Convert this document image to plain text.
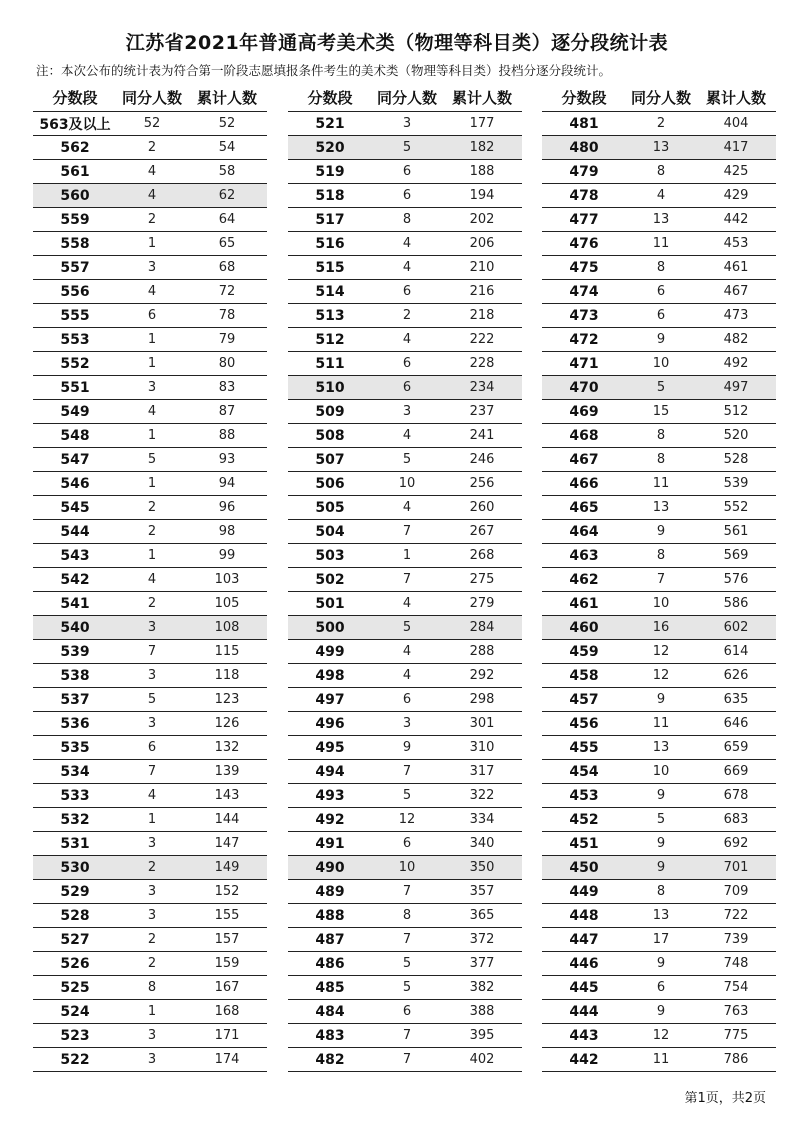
江苏省2021年普通高考美术类（物理等科目类）逐分段统计表
注：本次公布的统计表为符合第一阶段志愿填报条件考生的美术类（物理等科目类）投档分逐分段统计。
分数段	同分人数 累计人数
563及以上	52	52
562	2	54
561	4	58
560	4	62
559	2	64
558	1	65
557	3	68
556	4	72
555	6	78
553	1	79
552	1	80
551	3	83
549	4	87
548	1	88
547	5	93
546	1	94
545	2	96
544	2	98
543	1	99
542	4	103
541	2	105
540	3	108
539	7	115
538	3	118
537	5	123
536	3	126
535	6	132
534	7	139
533	4	143
532	1	144
531	3	147
530	2	149
529	3	152
528	3	155
527	2	157
526	2	159
525	8	167
524	1	168
523	3	171
522	3	174
分数段	同分人数 累计人数
521	3	177
520	5	182
519	6	188
518	6	194
517	8	202
516	4	206
515	4	210
514	6	216
513	2	218
512	4	222
511	6	228
510	6	234
509	3	237
508	4	241
507	5	246
506	10	256
505	4	260
504	7	267
503	1	268
502	7	275
501	4	279
500	5	284
499	4	288
498	4	292
497	6	298
496	3	301
495	9	310
494	7	317
493	5	322
492	12	334
491	6	340
490	10	350
489	7	357
488	8	365
487	7	372
486	5	377
485	5	382
484	6	388
483	7	395
482	7	402
分数段	同分人数 累计人数
481	2	404
480	13	417
479	8	425
478	4	429
477	13	442
476	11	453
475	8	461
474	6	467
473	6	473
472	9	482
471	10	492
470	5	497
469	15	512
468	8	520
467	8	528
466	11	539
465	13	552
464	9	561
463	8	569
462	7	576
461	10	586
460	16	602
459	12	614
458	12	626
457	9	635
456	11	646
455	13	659
454	10	669
453	9	678
452	5	683
451	9	692
450	9	701
449	8	709
448	13	722
447	17	739
446	9	748
445	6	754
444	9	763
443	12	775
442	11	786
第1页，共2页
